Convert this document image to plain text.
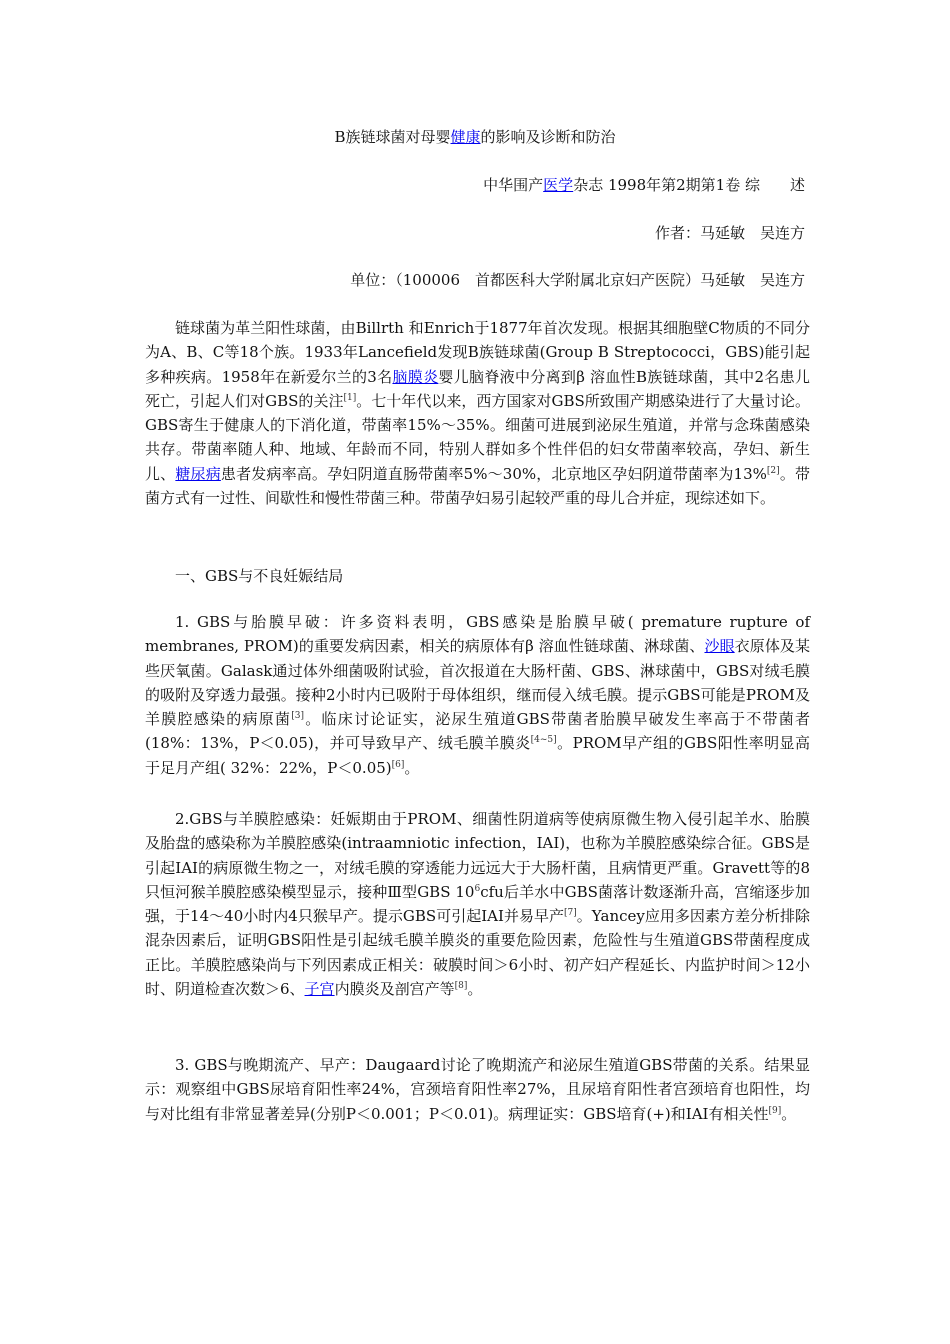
B族链球菌对母婴健康的影响及诊断和防治
中华围产医学杂志 1998年第2期第1卷 综　　述
作者：马延敏　吴连方
单位：（100006　首都医科大学附属北京妇产医院）马延敏　吴连方
链球菌为革兰阳性球菌，由Billrth 和Enrich于1877年首次发现。根据其细胞壁C物质的不同分为A、B、C等18个族。1933年Lancefield发现B族链球菌(Group B Streptococci，GBS)能引起多种疾病。1958年在新爱尔兰的3名脑膜炎婴儿脑脊液中分离到β 溶血性B族链球菌，其中2名患儿死亡，引起人们对GBS的关注[1]。七十年代以来，西方国家对GBS所致围产期感染进行了大量讨论。GBS寄生于健康人的下消化道，带菌率15%～35%。细菌可进展到泌尿生殖道，并常与念珠菌感染共存。带菌率随人种、地域、年龄而不同，特别人群如多个性伴侣的妇女带菌率较高，孕妇、新生儿、糖尿病患者发病率高。孕妇阴道直肠带菌率5%～30%，北京地区孕妇阴道带菌率为13%[2]。带菌方式有一过性、间歇性和慢性带菌三种。带菌孕妇易引起较严重的母儿合并症，现综述如下。
一、GBS与不良妊娠结局
1. GBS与胎膜早破：许多资料表明，GBS感染是胎膜早破( premature rupture of membranes, PROM)的重要发病因素，相关的病原体有β 溶血性链球菌、淋球菌、沙眼衣原体及某些厌氧菌。Galask通过体外细菌吸附试验，首次报道在大肠杆菌、GBS、淋球菌中，GBS对绒毛膜的吸附及穿透力最强。接种2小时内已吸附于母体组织，继而侵入绒毛膜。提示GBS可能是PROM及羊膜腔感染的病原菌[3]。临床讨论证实，泌尿生殖道GBS带菌者胎膜早破发生率高于不带菌者(18%：13%，P＜0.05)，并可导致早产、绒毛膜羊膜炎[4~5]。PROM早产组的GBS阳性率明显高于足月产组( 32%：22%，P＜0.05)[6]。
2.GBS与羊膜腔感染：妊娠期由于PROM、细菌性阴道病等使病原微生物入侵引起羊水、胎膜及胎盘的感染称为羊膜腔感染(intraamniotic infection，IAI)，也称为羊膜腔感染综合征。GBS是引起IAI的病原微生物之一，对绒毛膜的穿透能力远远大于大肠杆菌，且病情更严重。Gravett等的8只恒河猴羊膜腔感染模型显示，接种Ⅲ型GBS $10^6cfu$后羊水中GBS菌落计数逐渐升高，宫缩逐步加强，于14～40小时内4只猴早产。提示GBS可引起IAI并易早产[7]。Yancey应用多因素方差分析排除混杂因素后，证明GBS阳性是引起绒毛膜羊膜炎的重要危险因素，危险性与生殖道GBS带菌程度成正比。羊膜腔感染尚与下列因素成正相关：破膜时间＞6小时、初产妇产程延长、内监护时间＞12小时、阴道检查次数＞6、子宫内膜炎及剖宫产等[8]。
3. GBS与晚期流产、早产：Daugaard讨论了晚期流产和泌尿生殖道GBS带菌的关系。结果显示：观察组中GBS尿培育阳性率24%，宫颈培育阳性率27%，且尿培育阳性者宫颈培育也阳性，均与对比组有非常显著差异(分别P＜0.001；P＜0.01)。病理证实：GBS培育(+)和IAI有相关性[9]。
